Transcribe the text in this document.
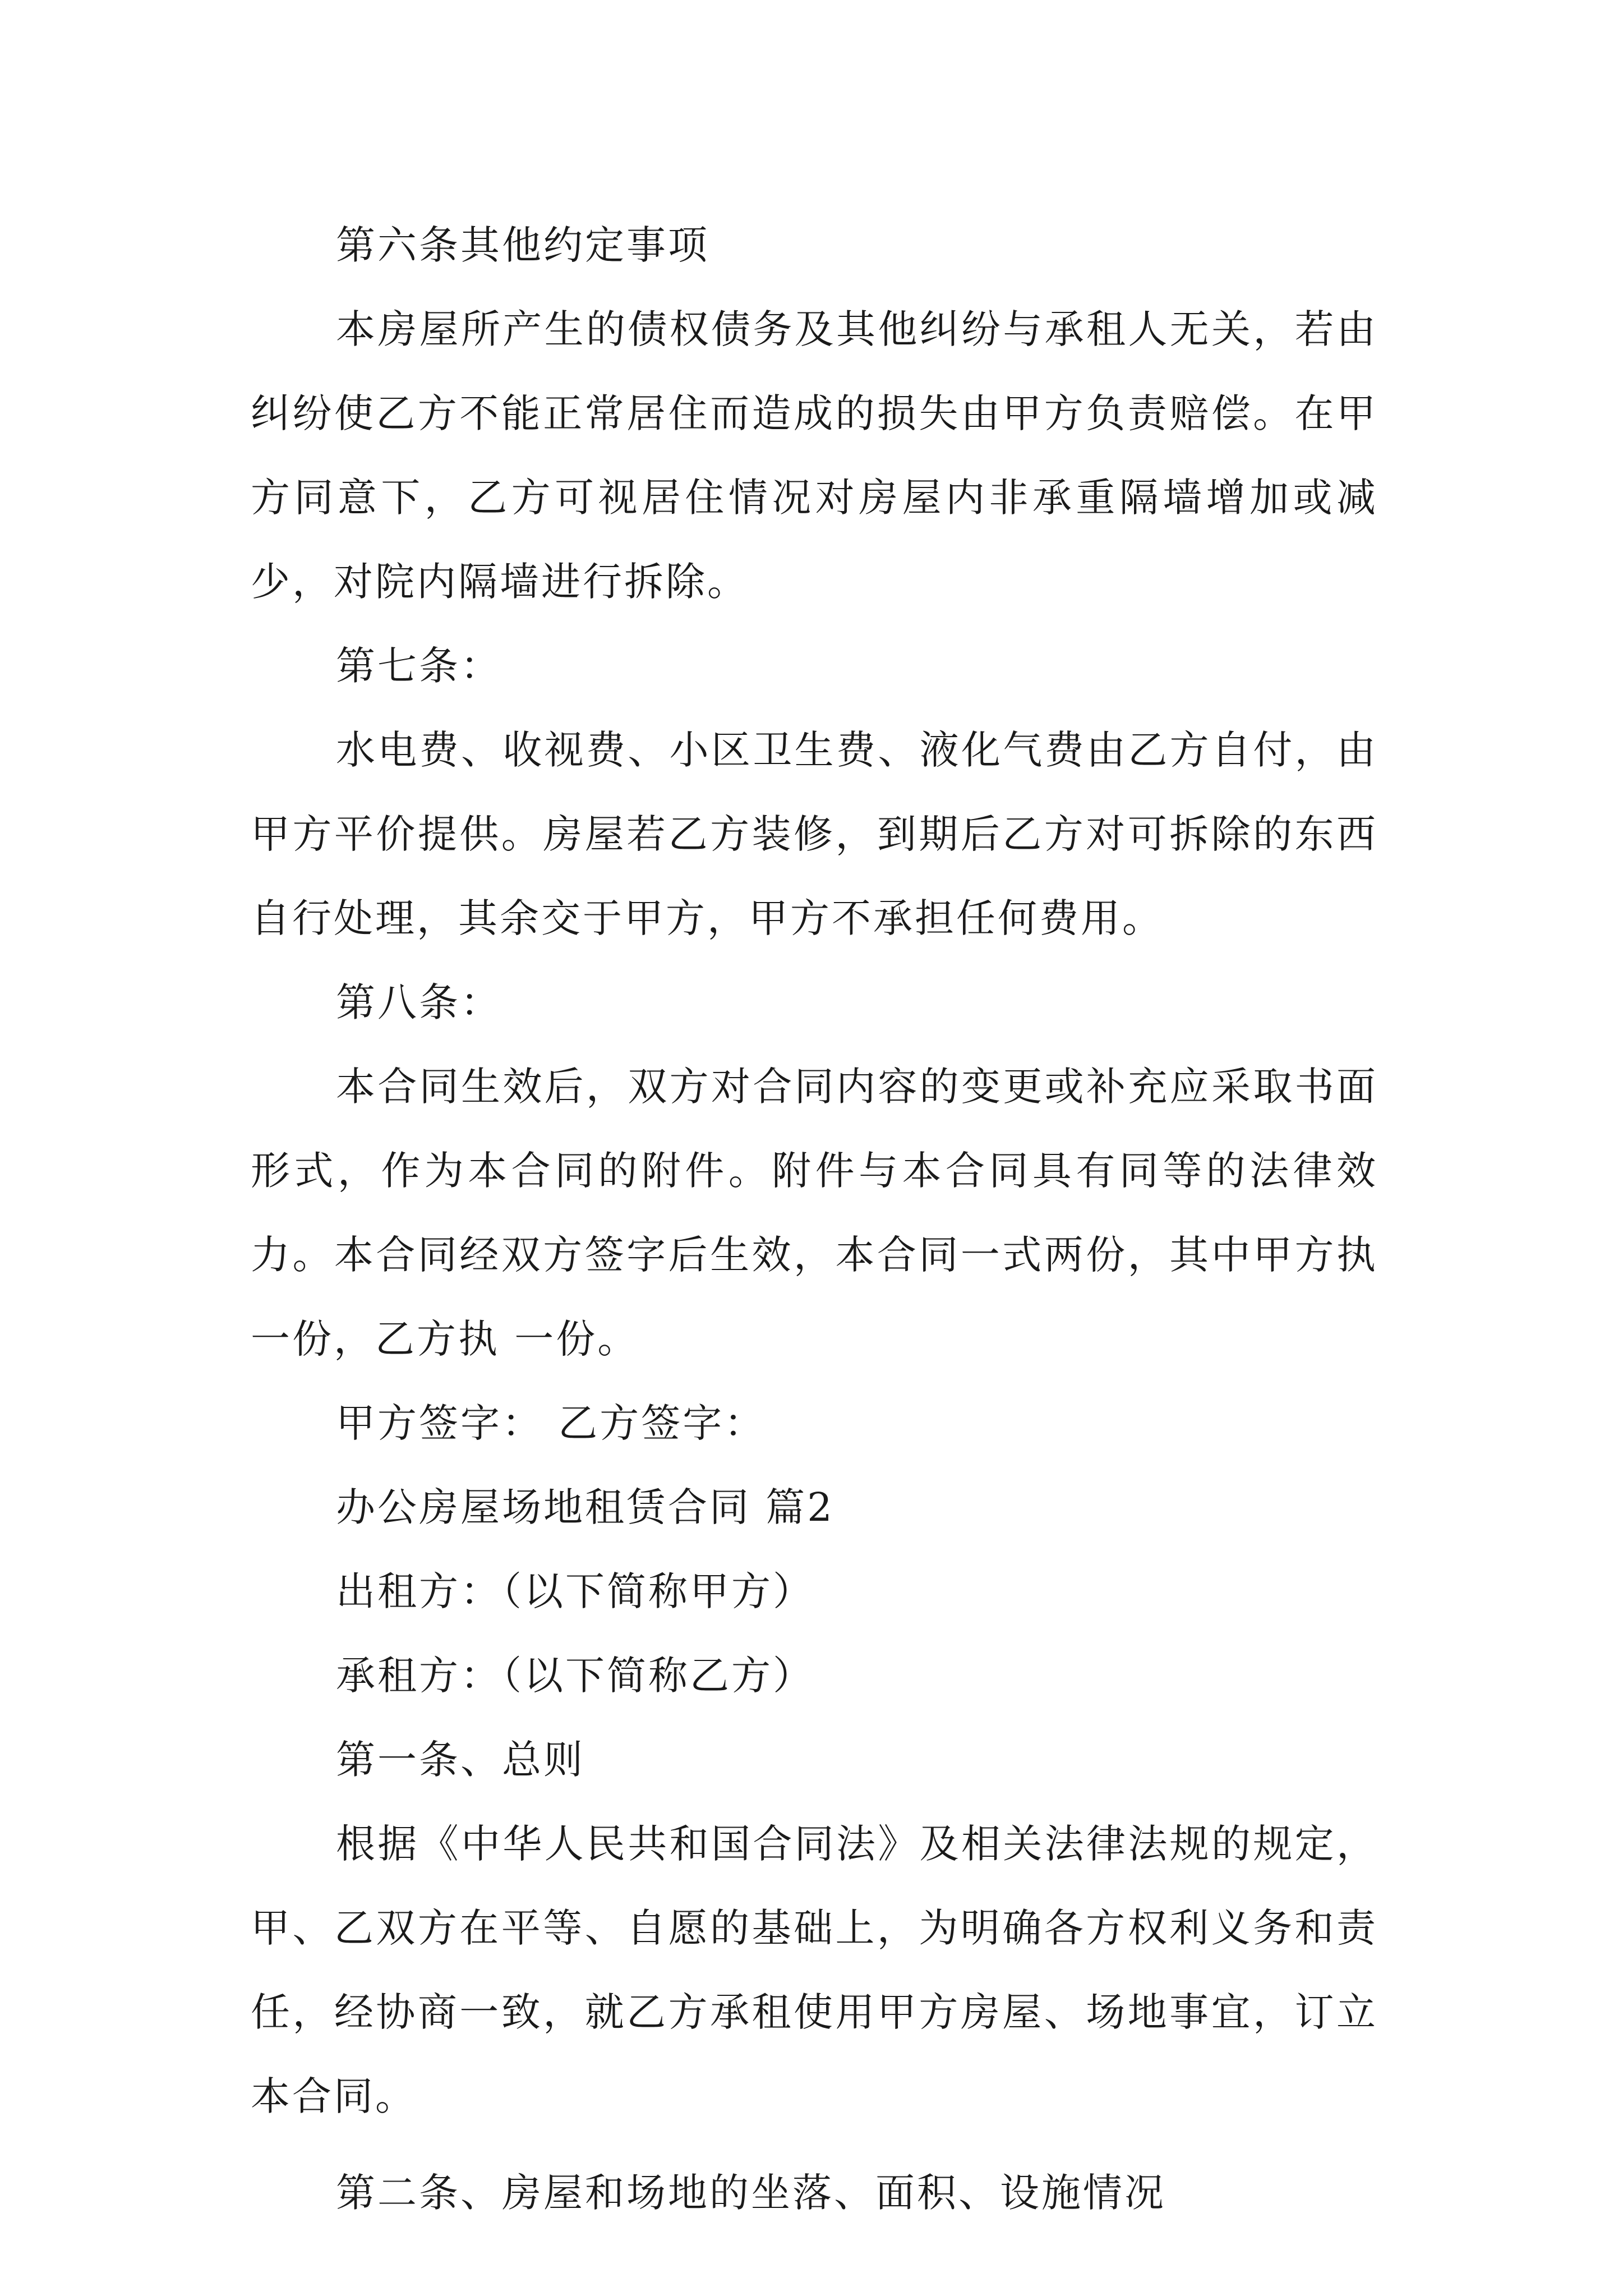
第六条其他约定事项

本房屋所产生的债权债务及其他纠纷与承租人无关，若由纠纷使乙方不能正常居住而造成的损失由甲方负责赔偿。在甲方同意下，乙方可视居住情况对房屋内非承重隔墙增加或减少，对院内隔墙进行拆除。

第七条：

水电费、收视费、小区卫生费、液化气费由乙方自付，由甲方平价提供。房屋若乙方装修，到期后乙方对可拆除的东西自行处理，其余交于甲方，甲方不承担任何费用。

第八条：

本合同生效后，双方对合同内容的变更或补充应采取书面形式，作为本合同的附件。附件与本合同具有同等的法律效力。本合同经双方签字后生效，本合同一式两份，其中甲方执 一份，乙方执 一份。

甲方签字： 乙方签字：

办公房屋场地租赁合同 篇2

出租方：（以下简称甲方）

承租方：（以下简称乙方）

第一条、总则

根据《中华人民共和国合同法》及相关法律法规的规定，甲、乙双方在平等、自愿的基础上，为明确各方权利义务和责任，经协商一致，就乙方承租使用甲方房屋、场地事宜，订立本合同。

第二条、房屋和场地的坐落、面积、设施情况
